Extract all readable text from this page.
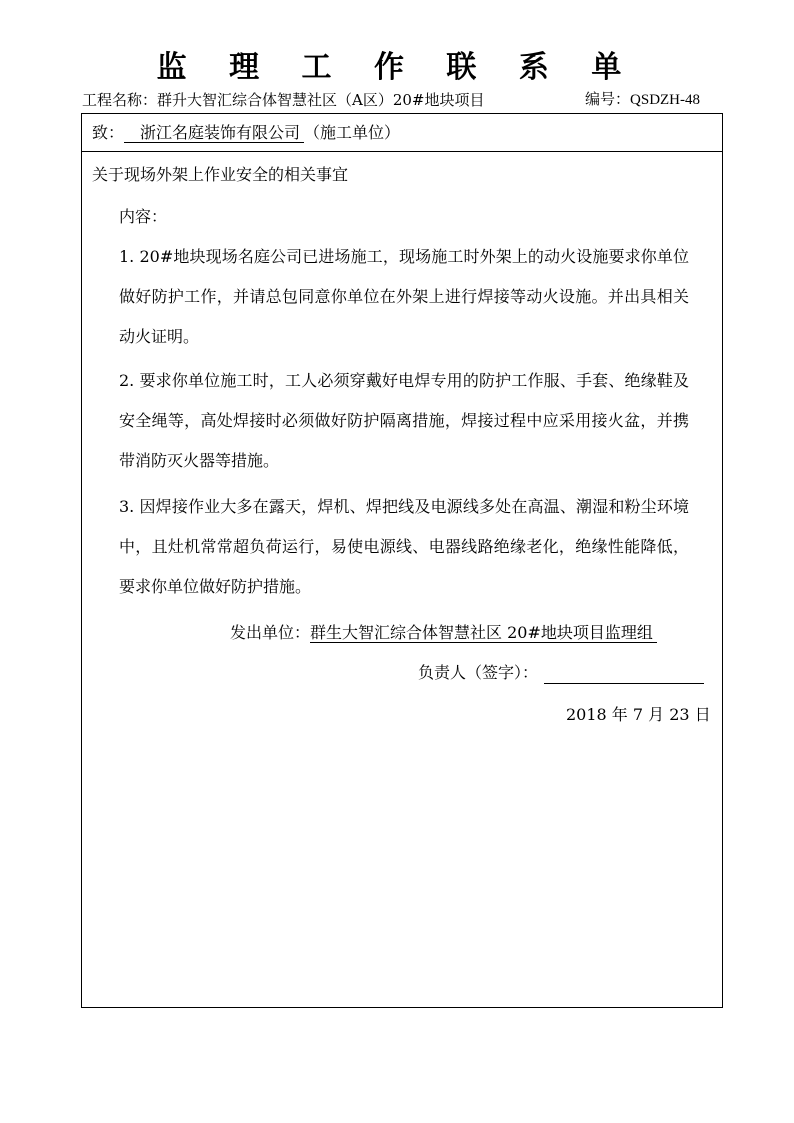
监 理 工 作 联 系 单
工程名称：群升大智汇综合体智慧社区（A区）20#地块项目	编号：QSDZH-48
致： 浙江名庭装饰有限公司 （施工单位）
关于现场外架上作业安全的相关事宜
内容：

1. 20#地块现场名庭公司已进场施工，现场施工时外架上的动火设施要求你单位做好防护工作，并请总包同意你单位在外架上进行焊接等动火设施。并出具相关动火证明。

2. 要求你单位施工时，工人必须穿戴好电焊专用的防护工作服、手套、绝缘鞋及安全绳等，高处焊接时必须做好防护隔离措施，焊接过程中应采用接火盆，并携带消防灭火器等措施。

3. 因焊接作业大多在露天，焊机、焊把线及电源线多处在高温、潮湿和粉尘环境中，且灶机常常超负荷运行，易使电源线、电器线路绝缘老化，绝缘性能降低，要求你单位做好防护措施。

发出单位：群生大智汇综合体智慧社区 20#地块项目监理组
负责人（签字）：
2018 年 7 月 23 日
